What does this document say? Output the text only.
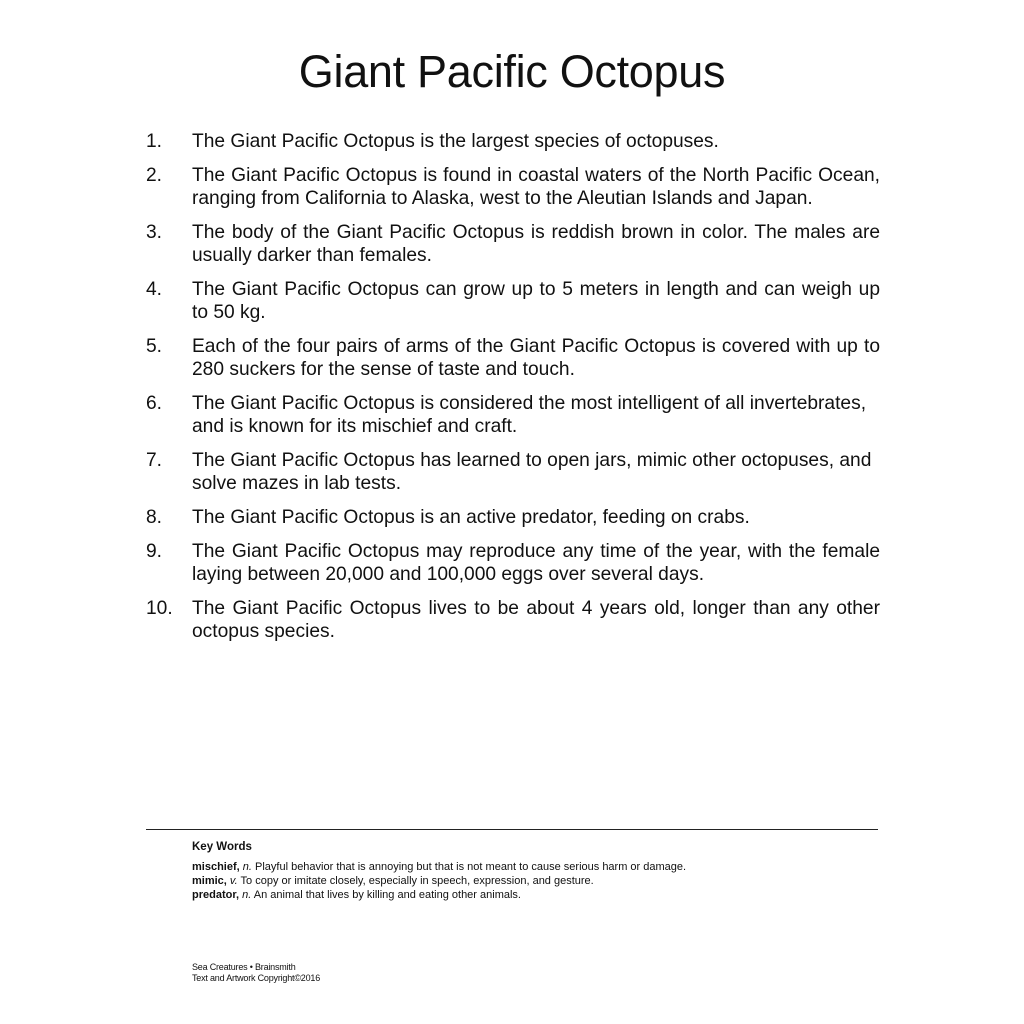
Giant Pacific Octopus
1.	The Giant Pacific Octopus is the largest species of octopuses.
2.	The Giant Pacific Octopus is found in coastal waters of the North Pacific Ocean, ranging from California to Alaska, west to the Aleutian Islands and Japan.
3.	The body of the Giant Pacific Octopus is reddish brown in color. The males are usually darker than females.
4.	The Giant Pacific Octopus can grow up to 5 meters in length and can weigh up to 50 kg.
5.	Each of the four pairs of arms of the Giant Pacific Octopus is covered with up to 280 suckers for the sense of taste and touch.
6.	The Giant Pacific Octopus is considered the most intelligent of all invertebrates, and is known for its mischief and craft.
7.	The Giant Pacific Octopus has learned to open jars, mimic other octopuses, and solve mazes in lab tests.
8.	The Giant Pacific Octopus is an active predator, feeding on crabs.
9.	The Giant Pacific Octopus may reproduce any time of the year, with the female laying between 20,000 and 100,000 eggs over several days.
10.	The Giant Pacific Octopus lives to be about 4 years old, longer than any other octopus species.

Key Words

mischief, n. Playful behavior that is annoying but that is not meant to cause serious harm or damage.

mimic, v. To copy or imitate closely, especially in speech, expression, and gesture.

predator, n. An animal that lives by killing and eating other animals.

Sea Creatures • Brainsmith
Text and Artwork Copyright©2016
